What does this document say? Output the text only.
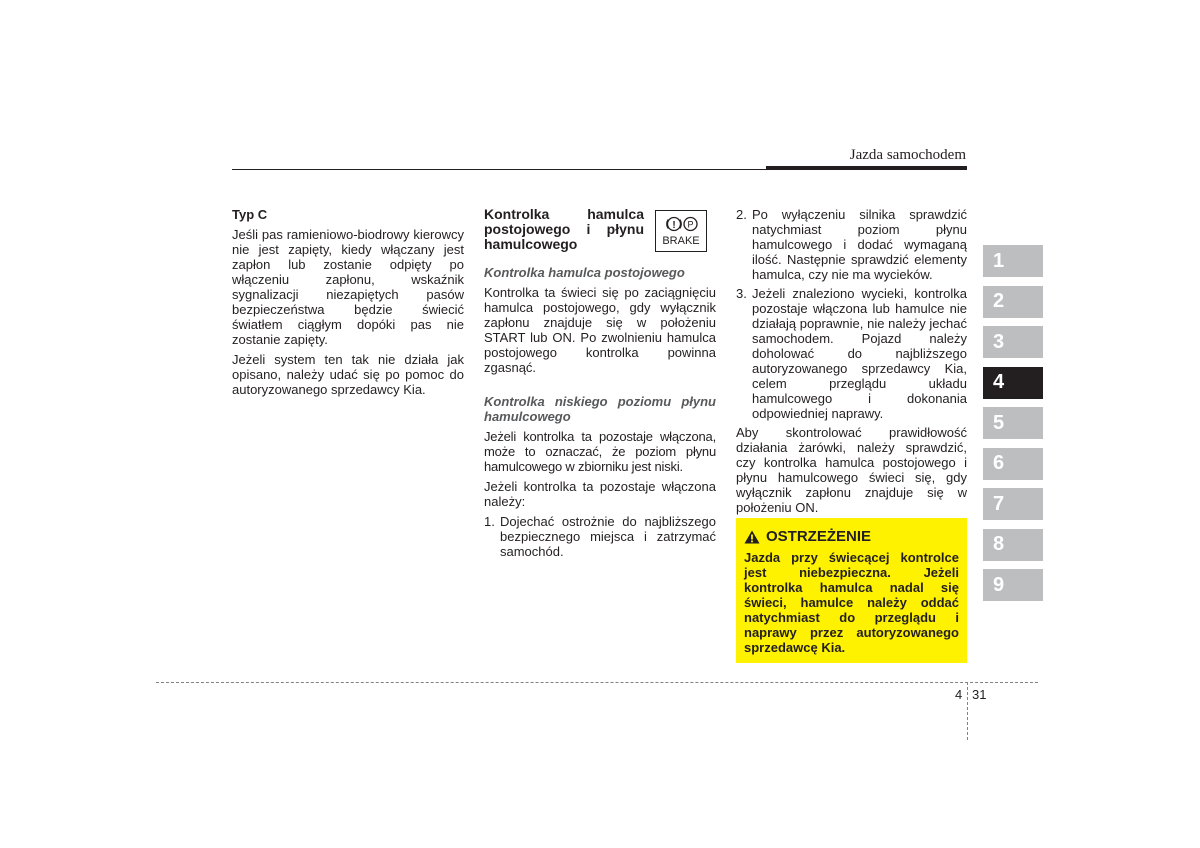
Jazda samochodem

Typ C

Jeśli pas ramieniowo-biodrowy kierowcy nie jest zapięty, kiedy włączany jest zapłon lub zostanie odpięty po włączeniu zapłonu, wskaźnik sygnalizacji niezapiętych pasów bezpieczeństwa będzie świecić światłem ciągłym dopóki pas nie zostanie zapięty.

Jeżeli system ten tak nie działa jak opisano, należy udać się po pomoc do autoryzowanego sprzedawcy Kia.

Kontrolka hamulca postojowego i płynu hamulcowego

Kontrolka hamulca postojowego

Kontrolka ta świeci się po zaciągnięciu hamulca postojowego, gdy wyłącznik zapłonu znajduje się w położeniu START lub ON. Po zwolnieniu hamulca postojowego kontrolka powinna zgasnąć.

Kontrolka niskiego poziomu płynu hamulcowego

Jeżeli kontrolka ta pozostaje włączona, może to oznaczać, że poziom płynu hamulcowego w zbiorniku jest niski.

Jeżeli kontrolka ta pozostaje włączona należy:

1. Dojechać ostrożnie do najbliższego bezpiecznego miejsca i zatrzymać samochód.
! P
BRAKE
2. Po wyłączeniu silnika sprawdzić natychmiast poziom płynu hamulcowego i dodać wymaganą ilość. Następnie sprawdzić elementy hamulca, czy nie ma wycieków.
3. Jeżeli znaleziono wycieki, kontrolka pozostaje włączona lub hamulce nie działają poprawnie, nie należy jechać samochodem. Pojazd należy doholować do najbliższego autoryzowanego sprzedawcy Kia, celem przeglądu układu hamulcowego i dokonania odpowiedniej naprawy.

Aby skontrolować prawidłowość działania żarówki, należy sprawdzić, czy kontrolka hamulca postojowego i płynu hamulcowego świeci się, gdy wyłącznik zapłonu znajduje się w położeniu ON.

OSTRZEŻENIE

Jazda przy świecącej kontrolce jest niebezpieczna. Jeżeli kontrolka hamulca nadal się świeci, hamulce należy oddać natychmiast do przeglądu i naprawy przez autoryzowanego sprzedawcę Kia.

1
2
3
4
5
6
7
8
9
4 31
